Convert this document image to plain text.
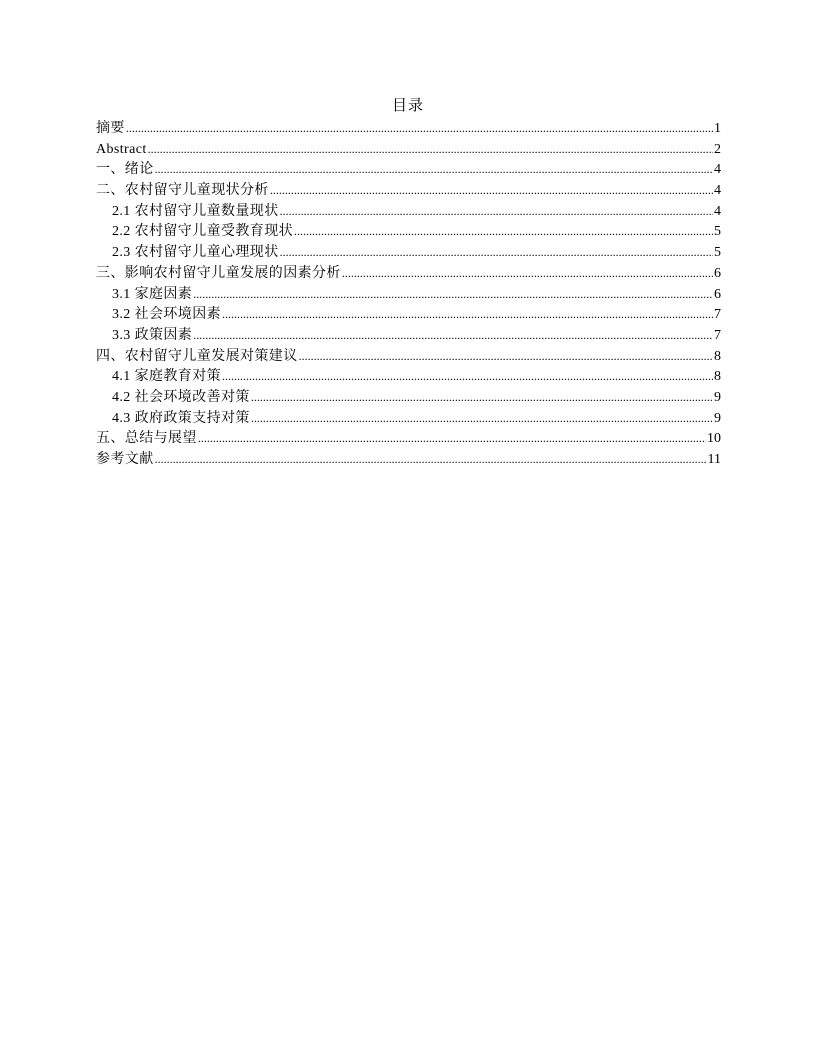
目录
摘要 .....	1
Abstract .....	2
一、绪论 .....	4
二、农村留守儿童现状分析 .....	4
2.1 农村留守儿童数量现状 .....	4
2.2 农村留守儿童受教育现状 .....	5
2.3 农村留守儿童心理现状 .....	5
三、影响农村留守儿童发展的因素分析 .....	6
3.1 家庭因素 .....	6
3.2 社会环境因素 .....	7
3.3 政策因素 .....	7
四、农村留守儿童发展对策建议 .....	8
4.1 家庭教育对策 .....	8
4.2 社会环境改善对策 .....	9
4.3 政府政策支持对策 .....	9
五、总结与展望 .....	10
参考文献 .....	11
